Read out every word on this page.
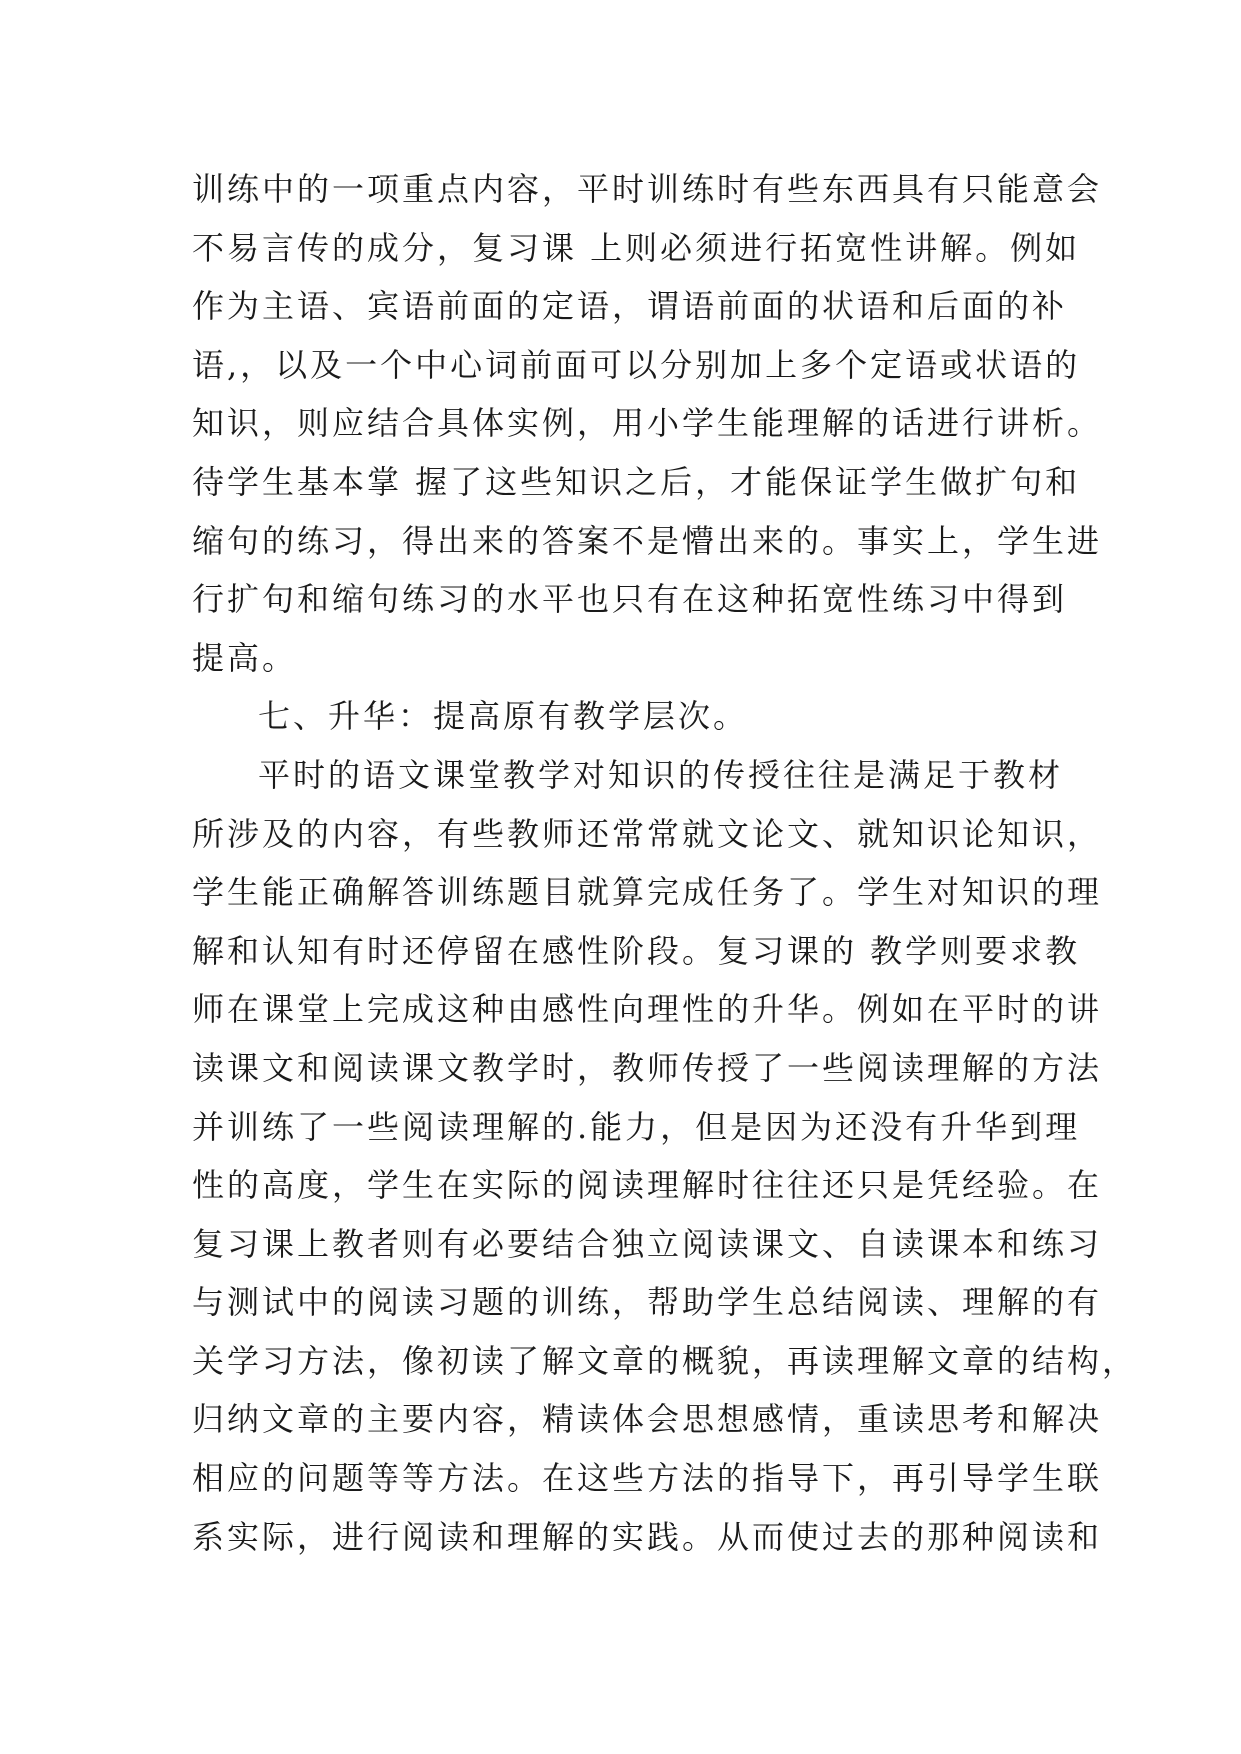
训练中的一项重点内容，平时训练时有些东西具有只能意会
不易言传的成分，复习课 上则必须进行拓宽性讲解。例如
作为主语、宾语前面的定语，谓语前面的状语和后面的补
语,，以及一个中心词前面可以分别加上多个定语或状语的
知识，则应结合具体实例，用小学生能理解的话进行讲析。
待学生基本掌 握了这些知识之后，才能保证学生做扩句和
缩句的练习，得出来的答案不是懵出来的。事实上，学生进
行扩句和缩句练习的水平也只有在这种拓宽性练习中得到
提高。
七、升华：提高原有教学层次。
平时的语文课堂教学对知识的传授往往是满足于教材
所涉及的内容，有些教师还常常就文论文、就知识论知识，
学生能正确解答训练题目就算完成任务了。学生对知识的理
解和认知有时还停留在感性阶段。复习课的 教学则要求教
师在课堂上完成这种由感性向理性的升华。例如在平时的讲
读课文和阅读课文教学时，教师传授了一些阅读理解的方法
并训练了一些阅读理解的.能力，但是因为还没有升华到理
性的高度，学生在实际的阅读理解时往往还只是凭经验。在
复习课上教者则有必要结合独立阅读课文、自读课本和练习
与测试中的阅读习题的训练，帮助学生总结阅读、理解的有
关学习方法，像初读了解文章的概貌，再读理解文章的结构，
归纳文章的主要内容，精读体会思想感情，重读思考和解决
相应的问题等等方法。在这些方法的指导下，再引导学生联
系实际，进行阅读和理解的实践。从而使过去的那种阅读和
